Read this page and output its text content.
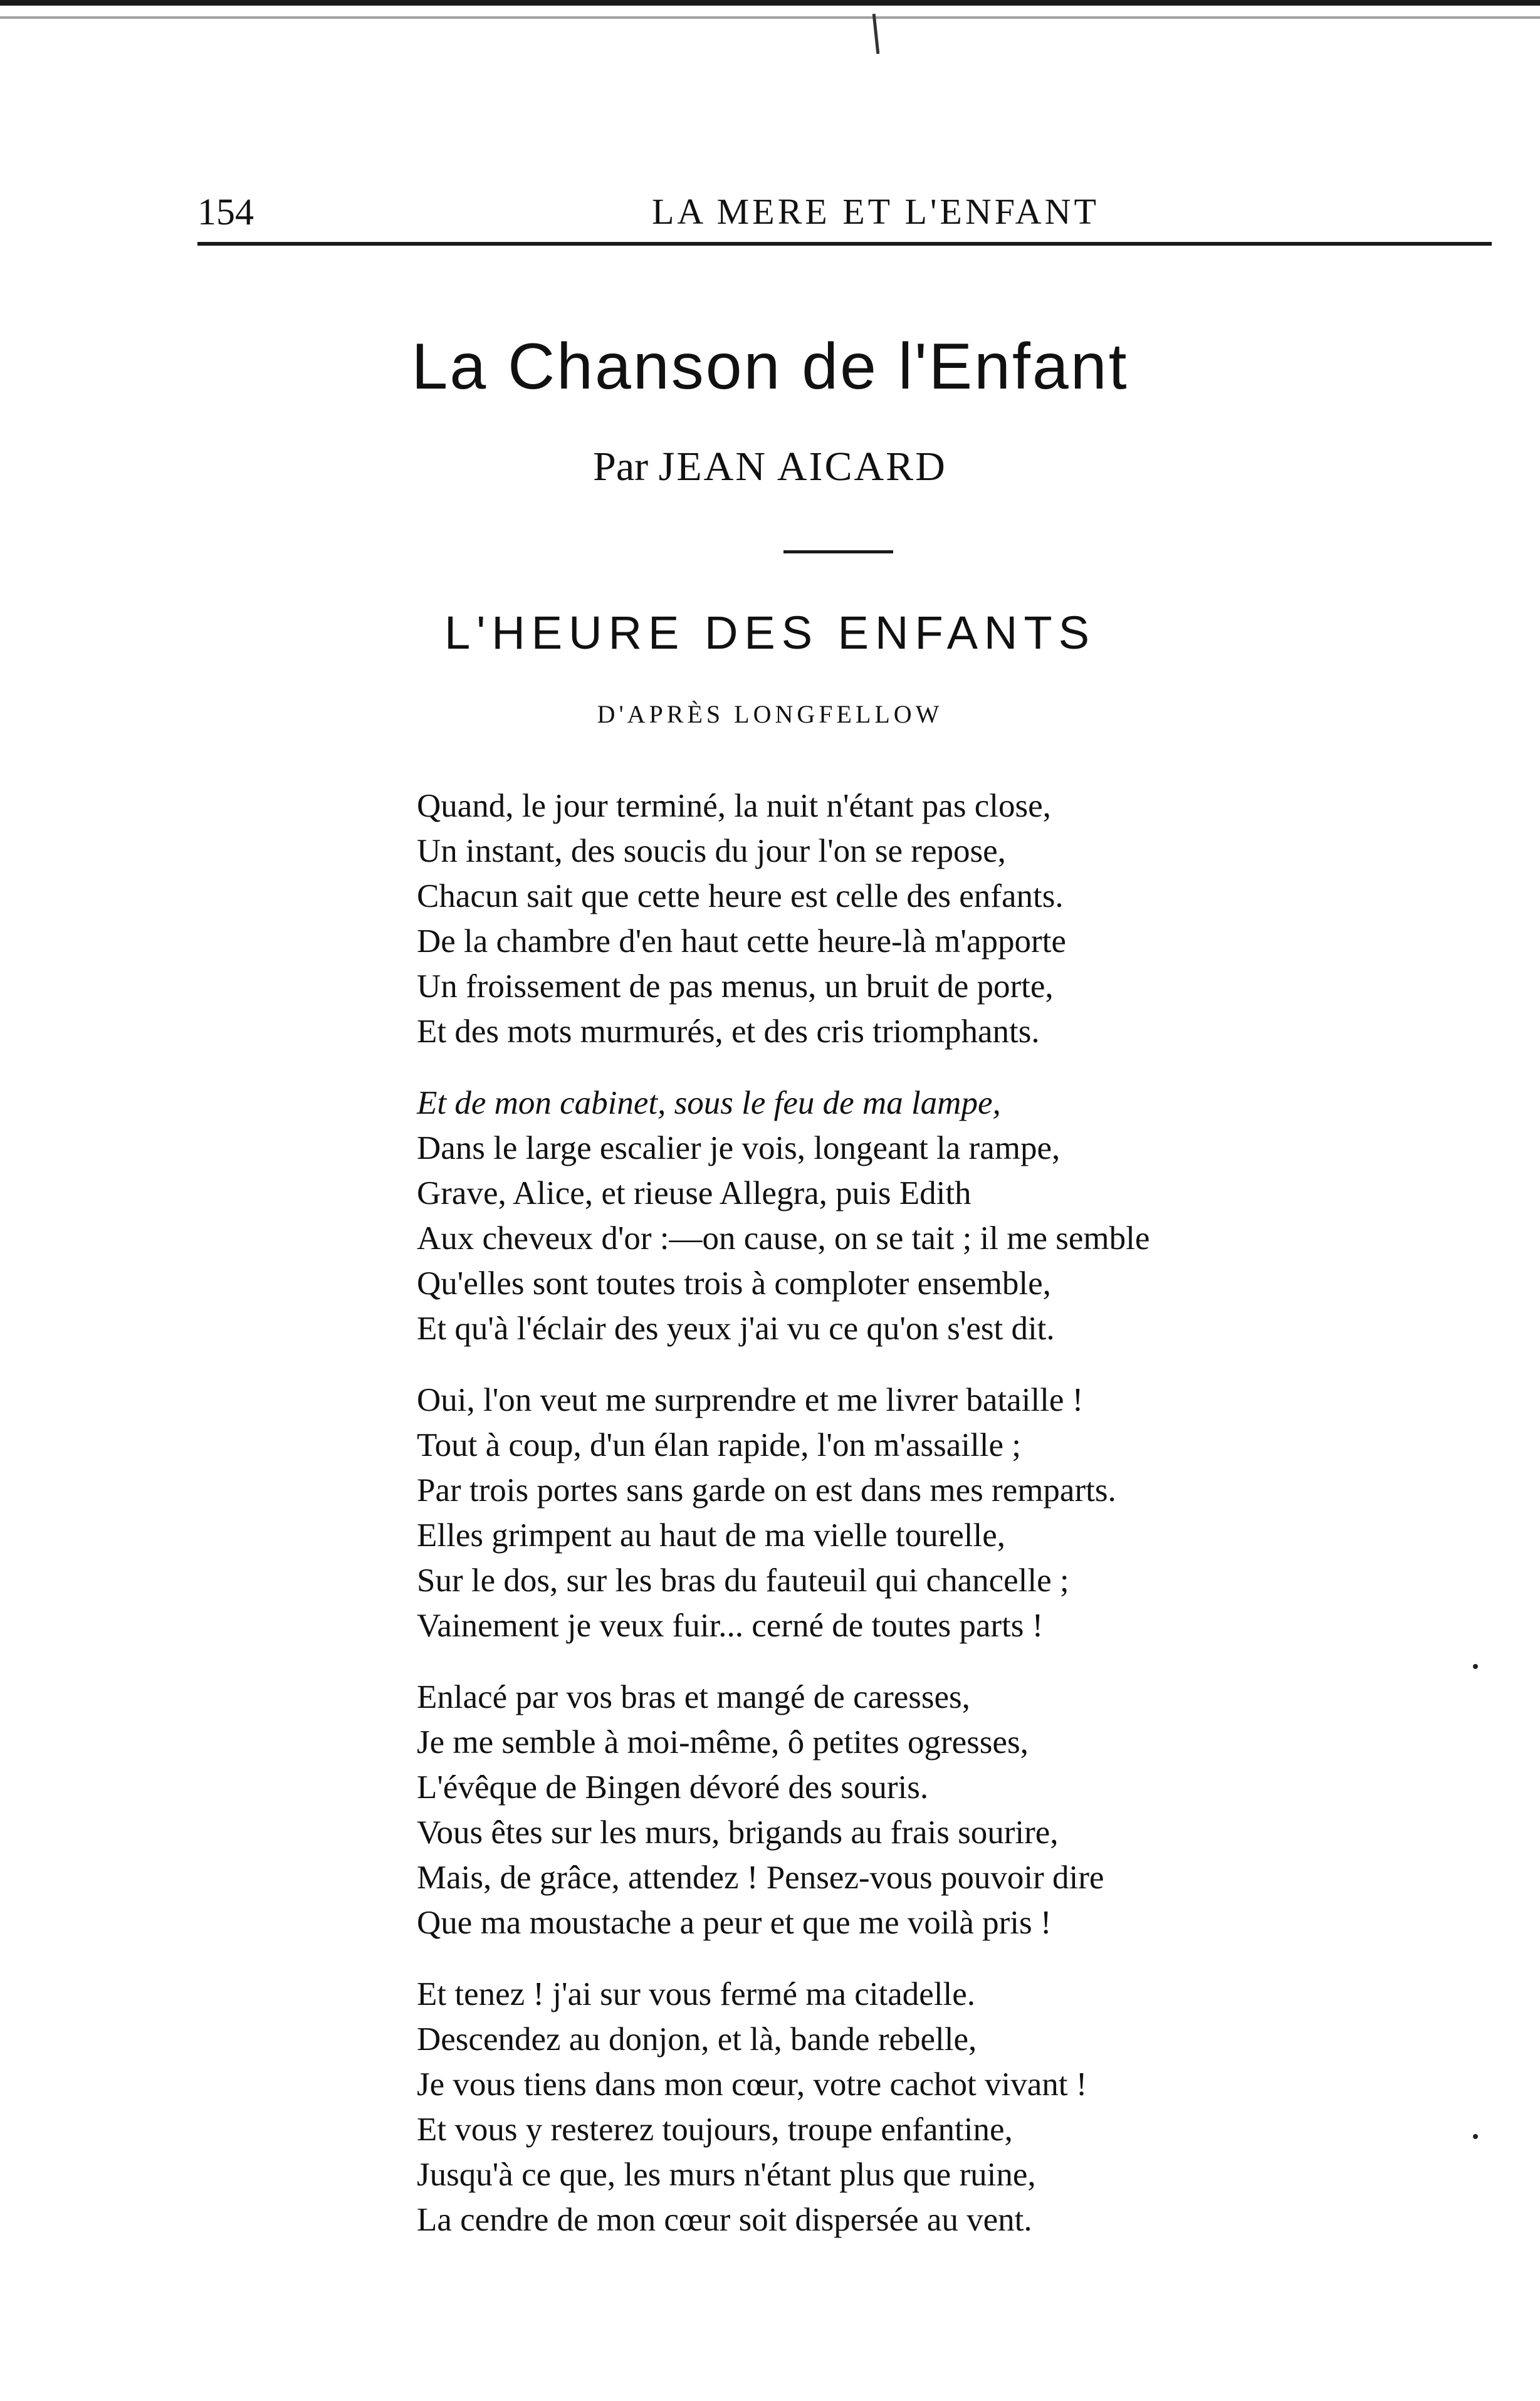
154	LA MERE ET L'ENFANT
La Chanson de l'Enfant
Par JEAN AICARD
L'HEURE DES ENFANTS
D'APRÈS LONGFELLOW
Quand, le jour terminé, la nuit n'étant pas close,
Un instant, des soucis du jour l'on se repose,
Chacun sait que cette heure est celle des enfants.
De la chambre d'en haut cette heure-là m'apporte
Un froissement de pas menus, un bruit de porte,
Et des mots murmurés, et des cris triomphants.
Et de mon cabinet, sous le feu de ma lampe,
Dans le large escalier je vois, longeant la rampe,
Grave, Alice, et rieuse Allegra, puis Edith
Aux cheveux d'or :—on cause, on se tait ; il me semble
Qu'elles sont toutes trois à comploter ensemble,
Et qu'à l'éclair des yeux j'ai vu ce qu'on s'est dit.
Oui, l'on veut me surprendre et me livrer bataille !
Tout à coup, d'un élan rapide, l'on m'assaille ;
Par trois portes sans garde on est dans mes remparts.
Elles grimpent au haut de ma vielle tourelle,
Sur le dos, sur les bras du fauteuil qui chancelle ;
Vainement je veux fuir... cerné de toutes parts !
Enlacé par vos bras et mangé de caresses,
Je me semble à moi-même, ô petites ogresses,
L'évêque de Bingen dévoré des souris.
Vous êtes sur les murs, brigands au frais sourire,
Mais, de grâce, attendez ! Pensez-vous pouvoir dire
Que ma moustache a peur et que me voilà pris !
Et tenez ! j'ai sur vous fermé ma citadelle.
Descendez au donjon, et là, bande rebelle,
Je vous tiens dans mon cœur, votre cachot vivant !
Et vous y resterez toujours, troupe enfantine,
Jusqu'à ce que, les murs n'étant plus que ruine,
La cendre de mon cœur soit dispersée au vent.
